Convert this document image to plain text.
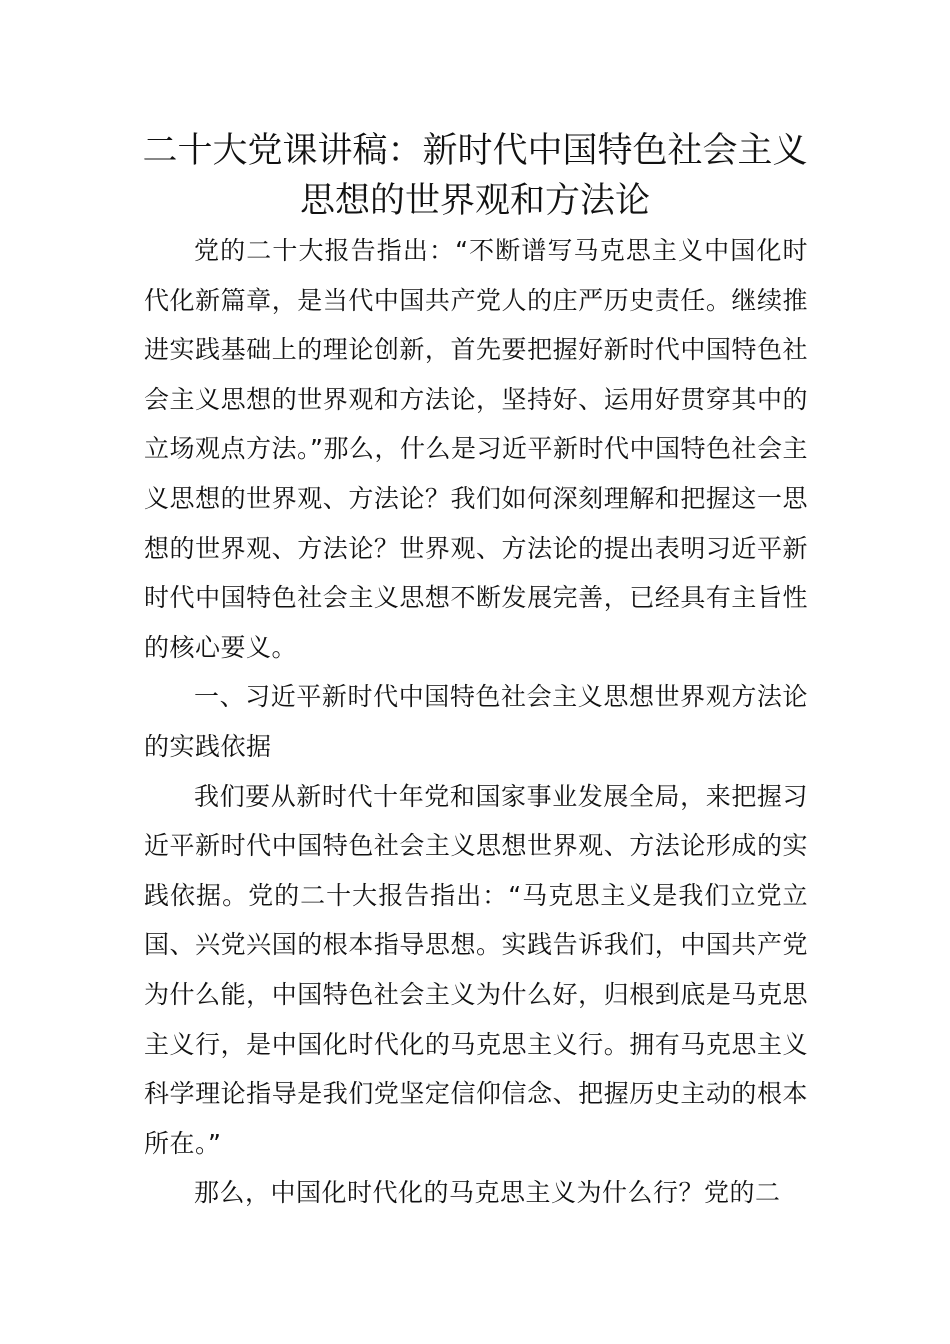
二十大党课讲稿：新时代中国特色社会主义思想的世界观和方法论

党的二十大报告指出：“不断谱写马克思主义中国化时代化新篇章，是当代中国共产党人的庄严历史责任。继续推进实践基础上的理论创新，首先要把握好新时代中国特色社会主义思想的世界观和方法论，坚持好、运用好贯穿其中的立场观点方法。”那么，什么是习近平新时代中国特色社会主义思想的世界观、方法论？我们如何深刻理解和把握这一思想的世界观、方法论？世界观、方法论的提出表明习近平新时代中国特色社会主义思想不断发展完善，已经具有主旨性的核心要义。

一、习近平新时代中国特色社会主义思想世界观方法论的实践依据

我们要从新时代十年党和国家事业发展全局，来把握习近平新时代中国特色社会主义思想世界观、方法论形成的实践依据。党的二十大报告指出：“马克思主义是我们立党立国、兴党兴国的根本指导思想。实践告诉我们，中国共产党为什么能，中国特色社会主义为什么好，归根到底是马克思主义行，是中国化时代化的马克思主义行。拥有马克思主义科学理论指导是我们党坚定信仰信念、把握历史主动的根本所在。”

那么，中国化时代化的马克思主义为什么行？党的二
